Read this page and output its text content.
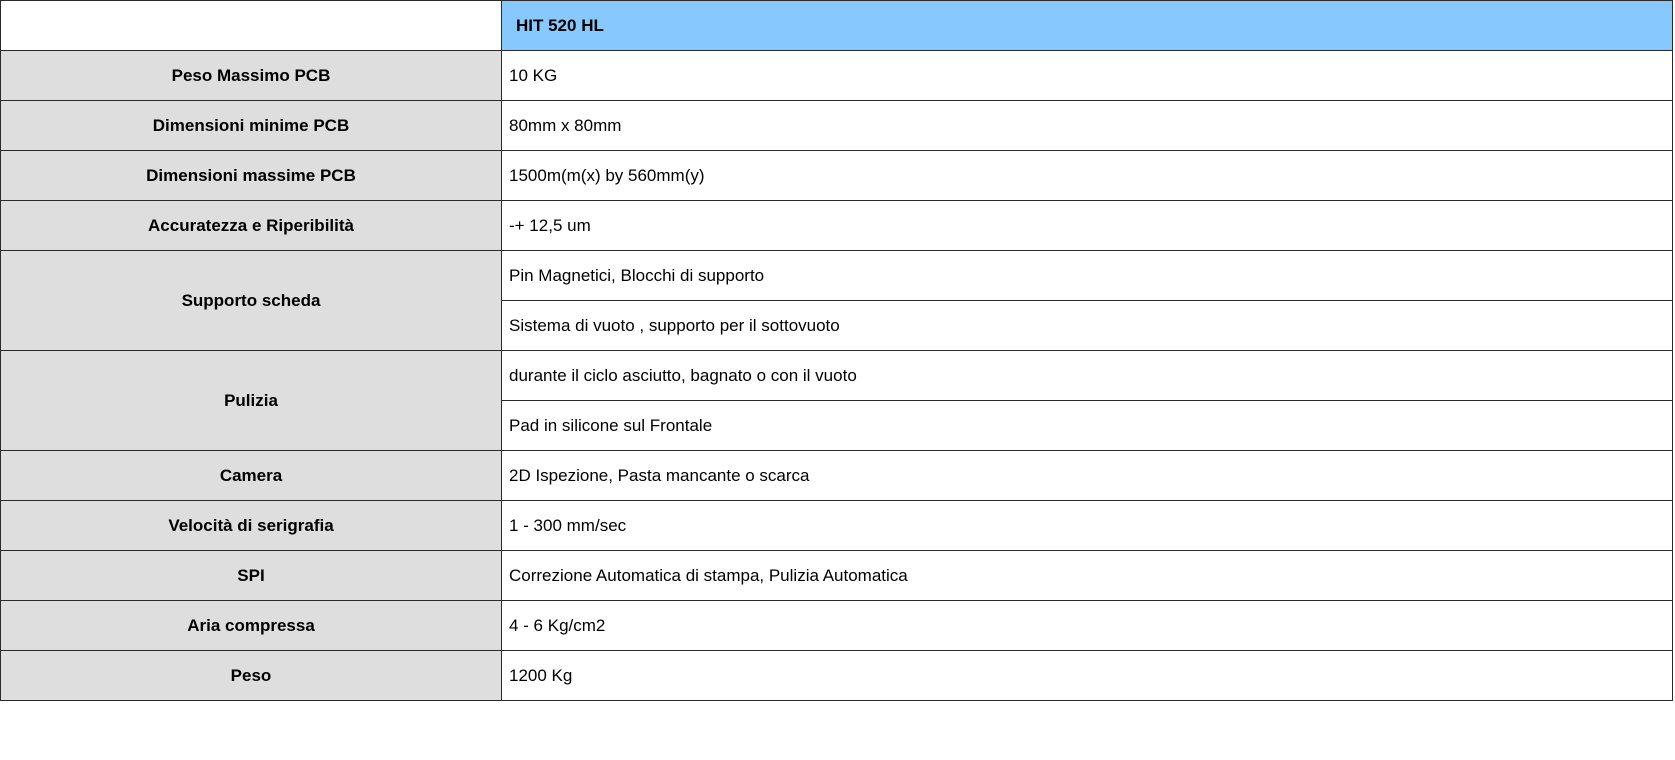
	HIT 520 HL
Peso Massimo PCB	10 KG
Dimensioni minime PCB	80mm x 80mm
Dimensioni massime PCB	1500m(m(x) by 560mm(y)
Accuratezza e Riperibilità	-+ 12,5 um
Supporto scheda	Pin Magnetici, Blocchi di supporto
	Sistema di vuoto , supporto per il sottovuoto
Pulizia	durante il ciclo asciutto, bagnato o con il vuoto
	Pad in silicone sul Frontale
Camera	2D Ispezione, Pasta mancante o scarca
Velocità di serigrafia	1 - 300 mm/sec
SPI	Correzione Automatica di stampa, Pulizia Automatica
Aria compressa	4 - 6 Kg/cm2
Peso	1200 Kg
